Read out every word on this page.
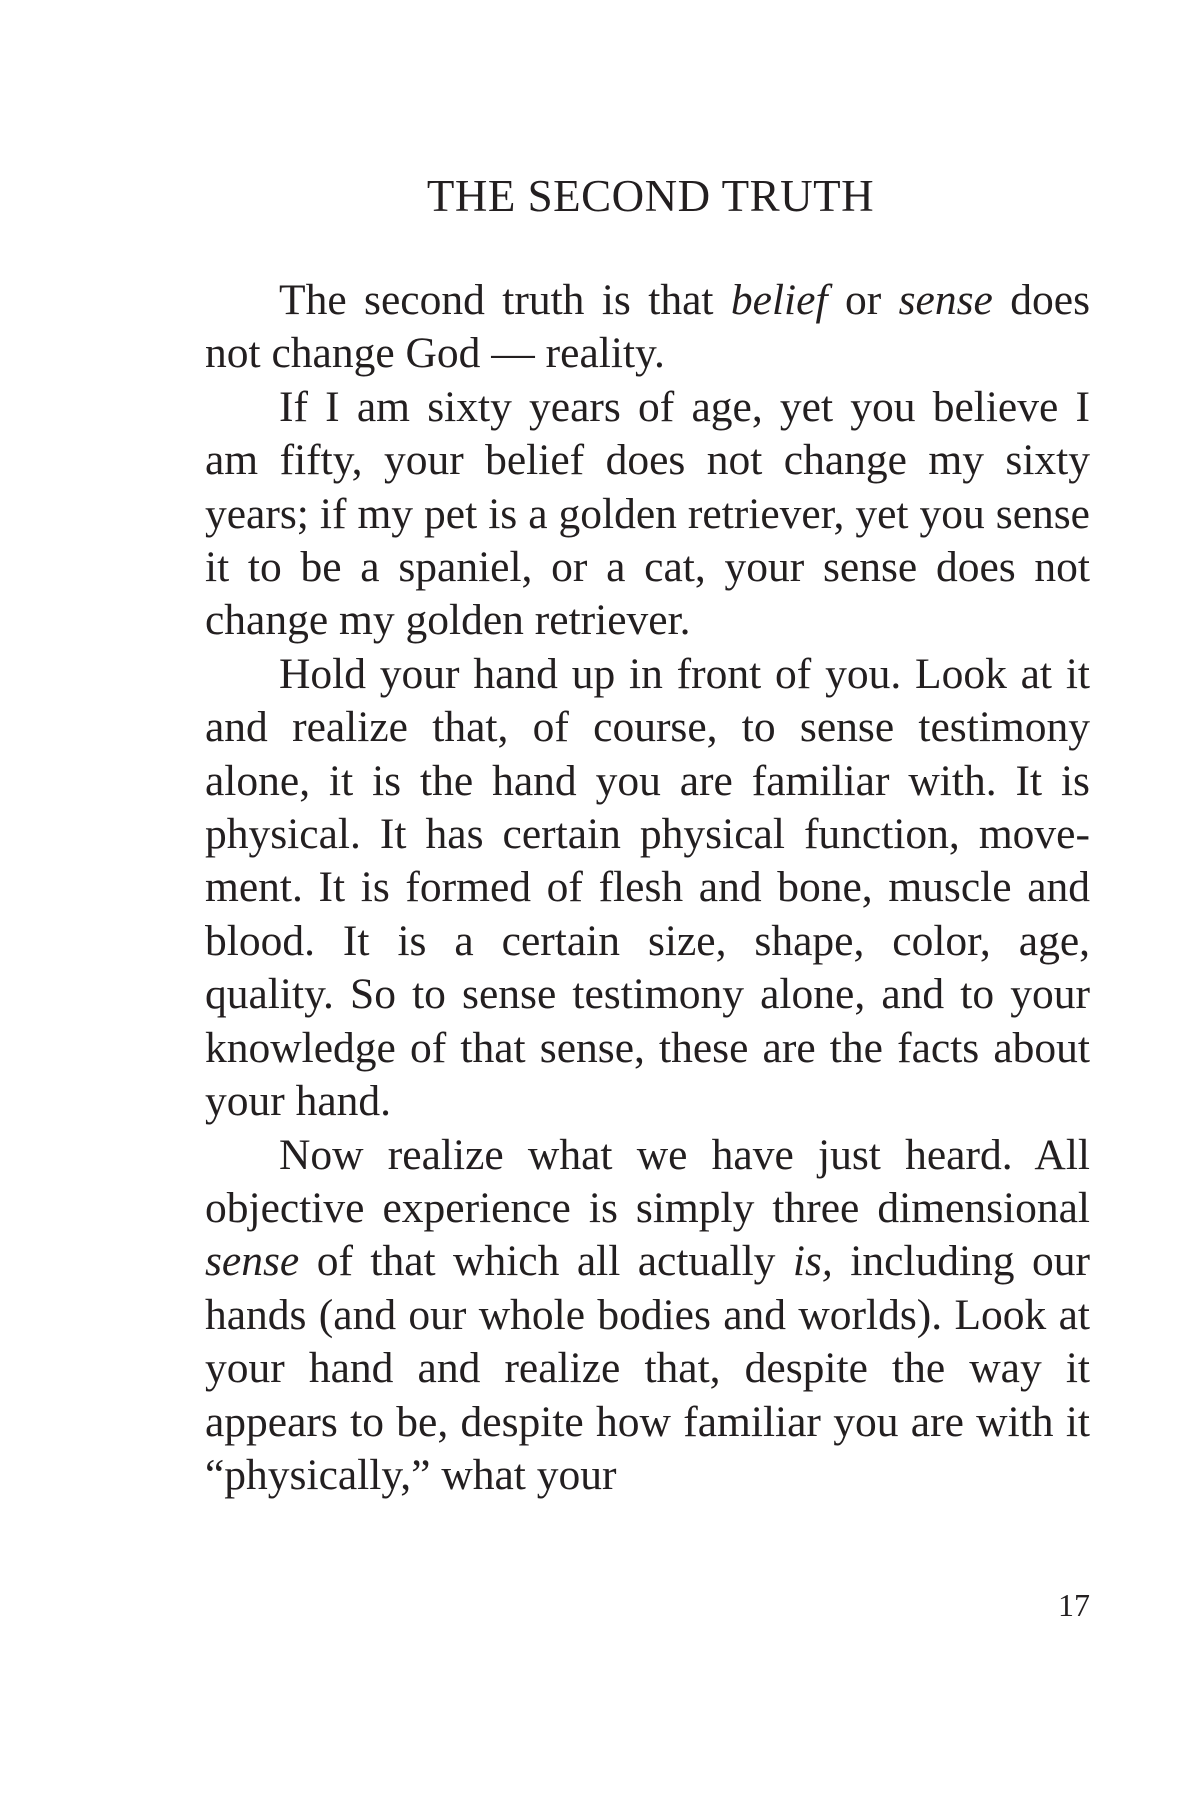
THE SECOND TRUTH

The second truth is that belief or sense does not change God — reality.

If I am sixty years of age, yet you believe I am fifty, your belief does not change my sixty years; if my pet is a golden retriever, yet you sense it to be a spaniel, or a cat, your sense does not change my golden retriever.

Hold your hand up in front of you. Look at it and realize that, of course, to sense testimony alone, it is the hand you are familiar with. It is physical. It has certain physical function, movement. It is formed of flesh and bone, muscle and blood. It is a certain size, shape, color, age, quality. So to sense testimony alone, and to your knowledge of that sense, these are the facts about your hand.

Now realize what we have just heard. All objective experience is simply three dimensional sense of that which all actually is, including our hands (and our whole bodies and worlds). Look at your hand and realize that, despite the way it appears to be, despite how familiar you are with it “physically,” what your

17
